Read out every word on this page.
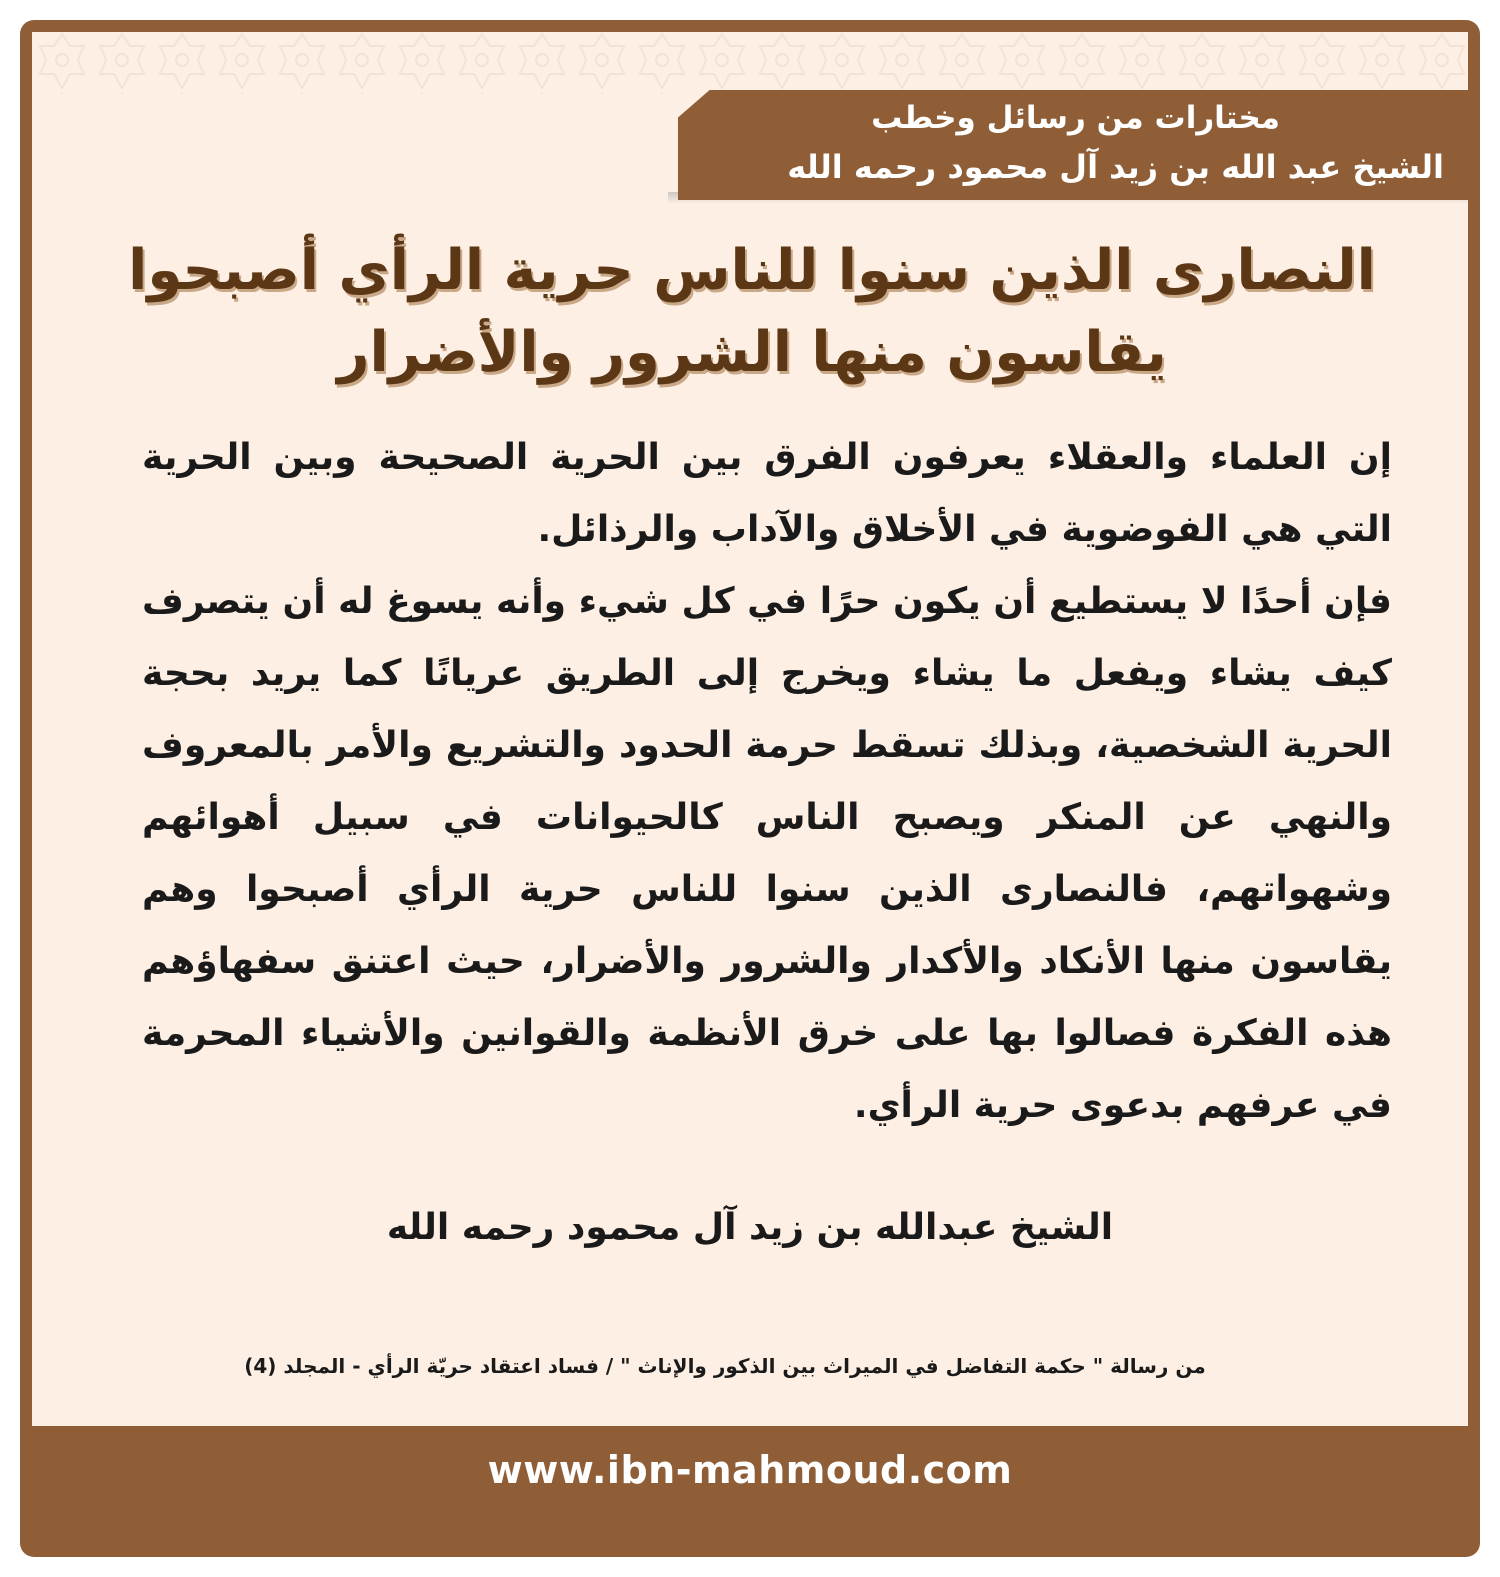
مختارات من رسائل وخطب
الشيخ عبد الله بن زيد آل محمود رحمه الله
النصارى الذين سنوا للناس حرية الرأي أصبحوا
يقاسون منها الشرور والأضرار

إن العلماء والعقلاء يعرفون الفرق بين الحرية الصحيحة وبين الحرية التي هي الفوضوية في الأخلاق والآداب والرذائل.

فإن أحدًا لا يستطيع أن يكون حرًا في كل شيء وأنه يسوغ له أن يتصرف كيف يشاء ويفعل ما يشاء ويخرج إلى الطريق عريانًا كما يريد بحجة الحرية الشخصية، وبذلك تسقط حرمة الحدود والتشريع والأمر بالمعروف والنهي عن المنكر ويصبح الناس كالحيوانات في سبيل أهوائهم وشهواتهم، فالنصارى الذين سنوا للناس حرية الرأي أصبحوا وهم يقاسون منها الأنكاد والأكدار والشرور والأضرار، حيث اعتنق سفهاؤهم هذه الفكرة فصالوا بها على خرق الأنظمة والقوانين والأشياء المحرمة في عرفهم بدعوى حرية الرأي.

الشيخ عبدالله بن زيد آل محمود رحمه الله
من رسالة " حكمة التفاضل في الميراث بين الذكور والإناث " / فساد اعتقاد حريّة الرأي - المجلد (4)
www.ibn-mahmoud.com
